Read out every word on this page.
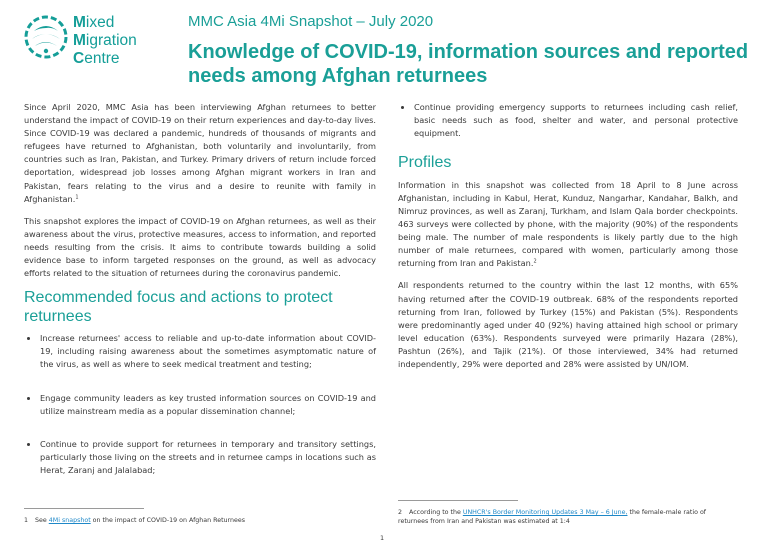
Mixed
Migration
Centre
MMC Asia 4Mi Snapshot – July 2020
Knowledge of COVID-19, information sources and reported needs among Afghan returnees

Since April 2020, MMC Asia has been interviewing Afghan returnees to better understand the impact of COVID-19 on their return experiences and day-to-day lives. Since COVID-19 was declared a pandemic, hundreds of thousands of migrants and refugees have returned to Afghanistan, both voluntarily and involuntarily, from countries such as Iran, Pakistan, and Turkey. Primary drivers of return include forced deportation, widespread job losses among Afghan migrant workers in Iran and Pakistan, fears relating to the virus and a desire to reunite with family in Afghanistan.$^1$

This snapshot explores the impact of COVID-19 on Afghan returnees, as well as their awareness about the virus, protective measures, access to information, and reported needs resulting from the crisis. It aims to contribute towards building a solid evidence base to inform targeted responses on the ground, as well as advocacy efforts related to the situation of returnees during the coronavirus pandemic.

Recommended focus and actions to protect returnees
Increase returnees' access to reliable and up-to-date information about COVID-19, including raising awareness about the sometimes asymptomatic nature of the virus, as well as where to seek medical treatment and testing;
Engage community leaders as key trusted information sources on COVID-19 and utilize mainstream media as a popular dissemination channel;
Continue to provide support for returnees in temporary and transitory settings, particularly those living on the streets and in returnee camps in locations such as Herat, Zaranj and Jalalabad;
Continue providing emergency supports to returnees including cash relief, basic needs such as food, shelter and water, and personal protective equipment.
Profiles

Information in this snapshot was collected from 18 April to 8 June across Afghanistan, including in Kabul, Herat, Kunduz, Nangarhar, Kandahar, Balkh, and Nimruz provinces, as well as Zaranj, Turkham, and Islam Qala border checkpoints. 463 surveys were collected by phone, with the majority (90%) of the respondents being male. The number of male respondents is likely partly due to the high number of male returnees, compared with women, particularly among those returning from Iran and Pakistan.$^2$

All respondents returned to the country within the last 12 months, with 65% having returned after the COVID-19 outbreak. 68% of the respondents reported returning from Iran, followed by Turkey (15%) and Pakistan (5%). Respondents were predominantly aged under 40 (92%) having attained high school or primary level education (63%). Respondents surveyed were primarily Hazara (28%), Pashtun (26%), and Tajik (21%). Of those interviewed, 34% had returned independently, 29% were deported and 28% were assisted by UN/IOM.

1 See 4Mi snapshot on the impact of COVID-19 on Afghan Returnees
2 According to the UNHCR's Border Monitoring Updates 3 May – 6 June, the female-male ratio of returnees from Iran and Pakistan was estimated at 1:4
1
